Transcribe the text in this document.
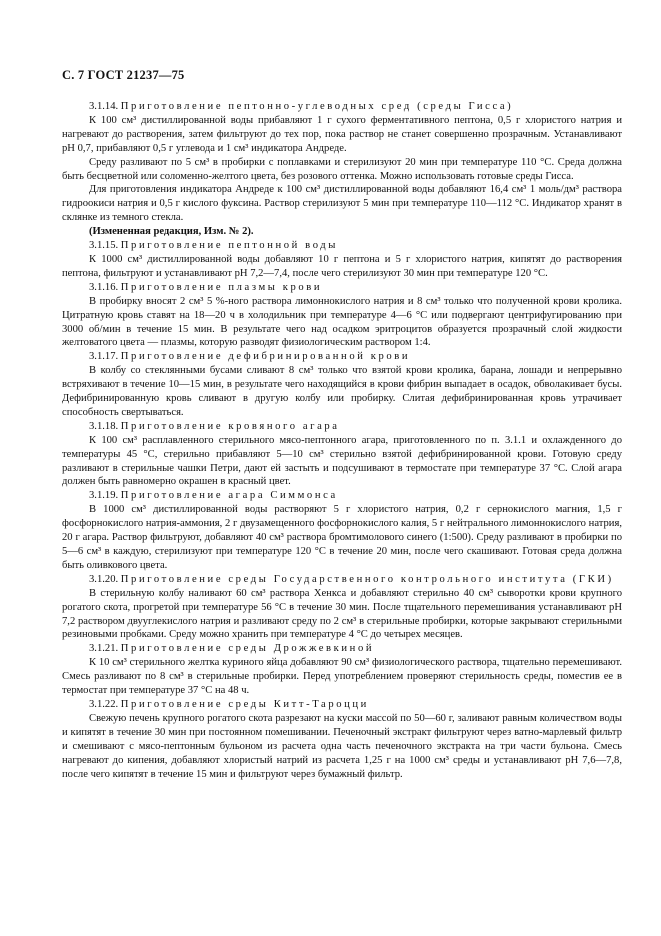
С. 7 ГОСТ 21237—75

3.1.14. Приготовление пептонно-углеводных сред (среды Гисса)

К 100 см³ дистиллированной воды прибавляют 1 г сухого ферментативного пептона, 0,5 г хлористого натрия и нагревают до растворения, затем фильтруют до тех пор, пока раствор не станет совершенно прозрачным. Устанавливают pH 0,7, прибавляют 0,5 г углевода и 1 см³ индикатора Андреде.

Среду разливают по 5 см³ в пробирки с поплавками и стерилизуют 20 мин при температуре 110 °С. Среда должна быть бесцветной или соломенно-желтого цвета, без розового оттенка. Можно использовать готовые среды Гисса.

Для приготовления индикатора Андреде к 100 см³ дистиллированной воды добавляют 16,4 см³ 1 моль/дм³ раствора гидроокиси натрия и 0,5 г кислого фуксина. Раствор стерилизуют 5 мин при температуре 110—112 °С. Индикатор хранят в склянке из темного стекла.

(Измененная редакция, Изм. № 2).

3.1.15. Приготовление пептонной воды

К 1000 см³ дистиллированной воды добавляют 10 г пептона и 5 г хлористого натрия, кипятят до растворения пептона, фильтруют и устанавливают pH 7,2—7,4, после чего стерилизуют 30 мин при температуре 120 °С.

3.1.16. Приготовление плазмы крови

В пробирку вносят 2 см³ 5 %-ного раствора лимоннокислого натрия и 8 см³ только что полученной крови кролика. Цитратную кровь ставят на 18—20 ч в холодильник при температуре 4—6 °С или подвергают центрифугированию при 3000 об/мин в течение 15 мин. В результате чего над осадком эритроцитов образуется прозрачный слой жидкости желтоватого цвета — плазмы, которую разводят физиологическим раствором 1:4.

3.1.17. Приготовление дефибринированной крови

В колбу со стеклянными бусами сливают 8 см³ только что взятой крови кролика, барана, лошади и непрерывно встряхивают в течение 10—15 мин, в результате чего находящийся в крови фибрин выпадает в осадок, обволакивает бусы. Дефибринированную кровь сливают в другую колбу или пробирку. Слитая дефибринированная кровь утрачивает способность свертываться.

3.1.18. Приготовление кровяного агара

К 100 см³ расплавленного стерильного мясо-пептонного агара, приготовленного по п. 3.1.1 и охлажденного до температуры 45 °С, стерильно прибавляют 5—10 см³ стерильно взятой дефибринированной крови. Готовую среду разливают в стерильные чашки Петри, дают ей застыть и подсушивают в термостате при температуре 37 °С. Слой агара должен быть равномерно окрашен в красный цвет.

3.1.19. Приготовление агара Симмонса

В 1000 см³ дистиллированной воды растворяют 5 г хлористого натрия, 0,2 г сернокислого магния, 1,5 г фосфорнокислого натрия-аммония, 2 г двузамещенного фосфорнокислого калия, 5 г нейтрального лимоннокислого натрия, 20 г агара. Раствор фильтруют, добавляют 40 см³ раствора бромтимолового синего (1:500). Среду разливают в пробирки по 5—6 см³ в каждую, стерилизуют при температуре 120 °С в течение 20 мин, после чего скашивают. Готовая среда должна быть оливкового цвета.

3.1.20. Приготовление среды Государственного контрольного института (ГКИ)

В стерильную колбу наливают 60 см³ раствора Хенкса и добавляют стерильно 40 см³ сыворотки крови крупного рогатого скота, прогретой при температуре 56 °С в течение 30 мин. После тщательного перемешивания устанавливают pH 7,2 раствором двууглекислого натрия и разливают среду по 2 см³ в стерильные пробирки, которые закрывают стерильными резиновыми пробками. Среду можно хранить при температуре 4 °С до четырех месяцев.

3.1.21. Приготовление среды Дрожжевкиной

К 10 см³ стерильного желтка куриного яйца добавляют 90 см³ физиологического раствора, тщательно перемешивают. Смесь разливают по 8 см³ в стерильные пробирки. Перед употреблением проверяют стерильность среды, поместив ее в термостат при температуре 37 °С на 48 ч.

3.1.22. Приготовление среды Китт-Тароцци

Свежую печень крупного рогатого скота разрезают на куски массой по 50—60 г, заливают равным количеством воды и кипятят в течение 30 мин при постоянном помешивании. Печеночный экстракт фильтруют через ватно-марлевый фильтр и смешивают с мясо-пептонным бульоном из расчета одна часть печеночного экстракта на три части бульона. Смесь нагревают до кипения, добавляют хлористый натрий из расчета 1,25 г на 1000 см³ среды и устанавливают pH 7,6—7,8, после чего кипятят в течение 15 мин и фильтруют через бумажный фильтр.
